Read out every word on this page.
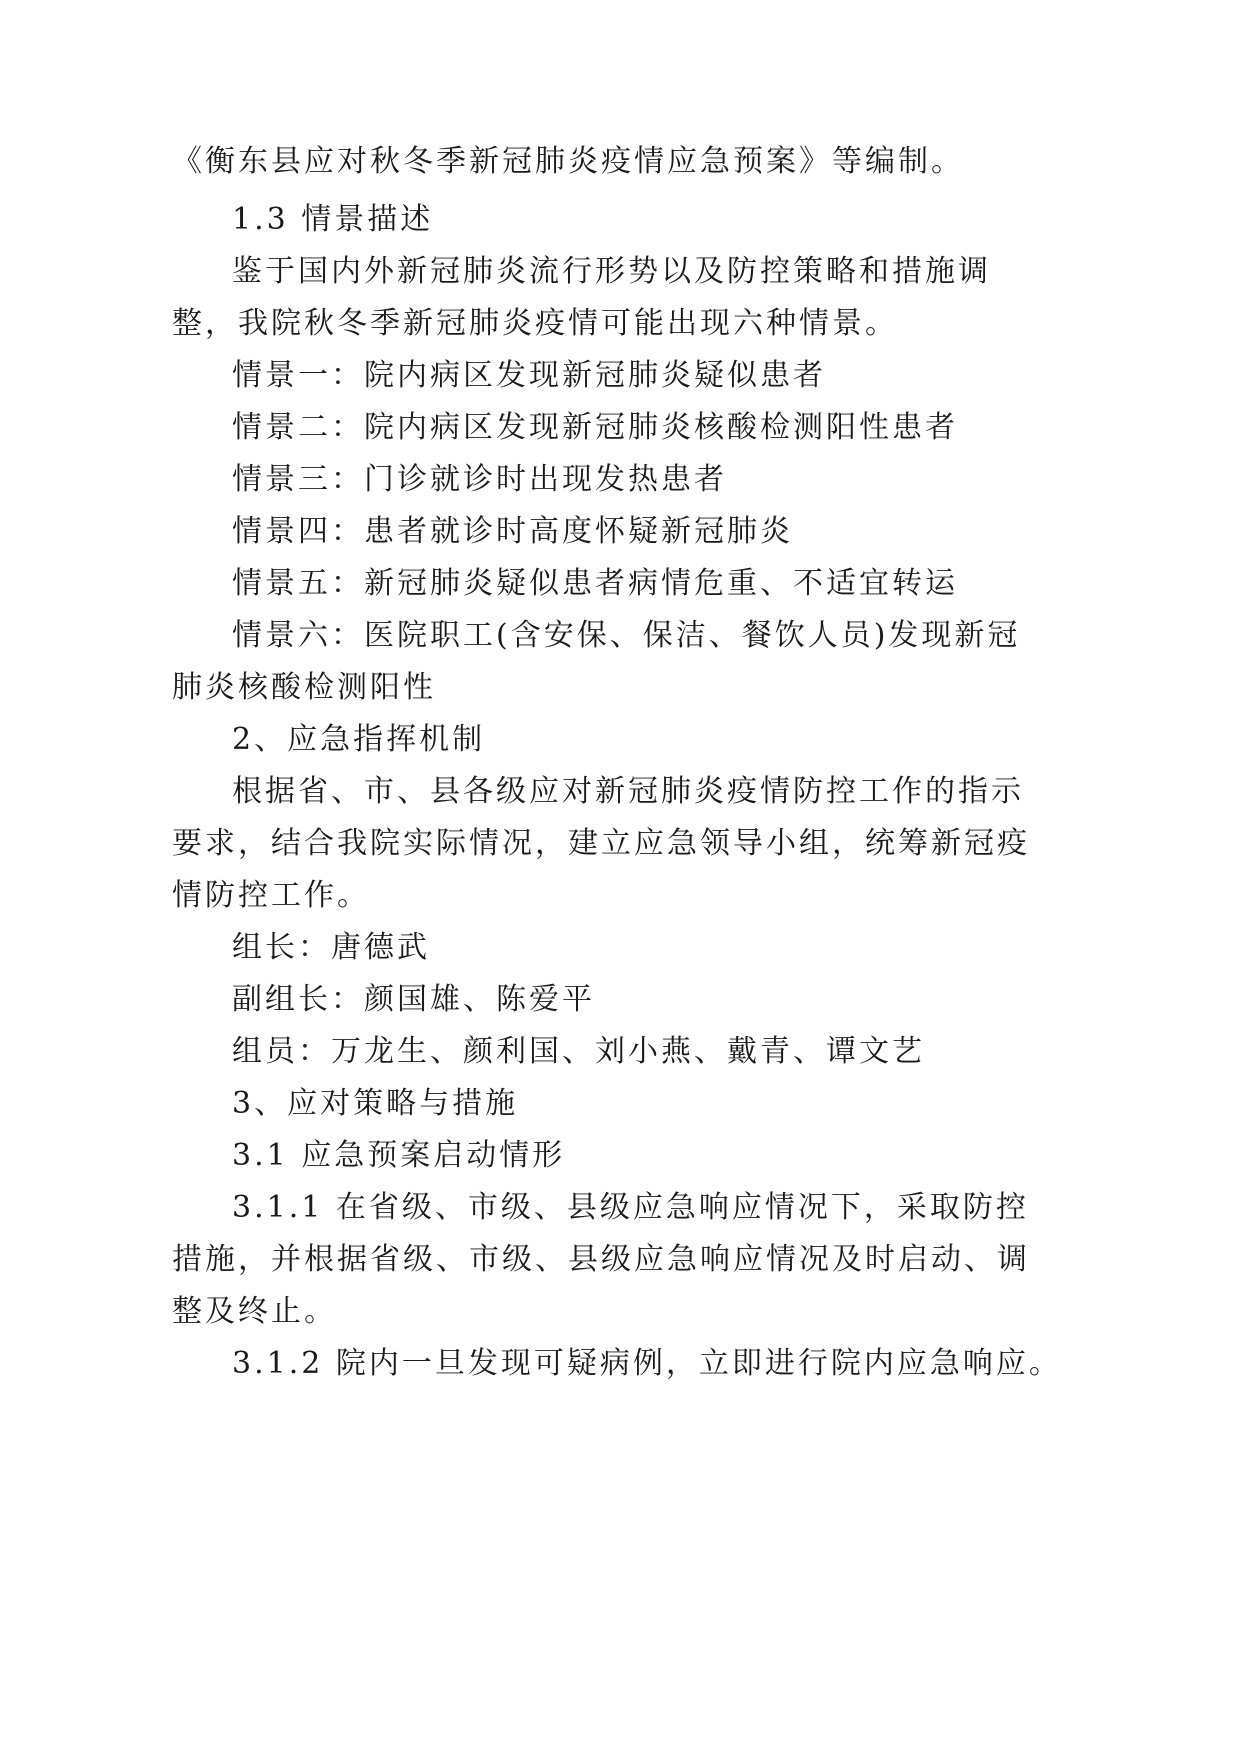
《衡东县应对秋冬季新冠肺炎疫情应急预案》等编制。
1.3 情景描述
鉴于国内外新冠肺炎流行形势以及防控策略和措施调
整，我院秋冬季新冠肺炎疫情可能出现六种情景。
情景一：院内病区发现新冠肺炎疑似患者
情景二：院内病区发现新冠肺炎核酸检测阳性患者
情景三：门诊就诊时出现发热患者
情景四：患者就诊时高度怀疑新冠肺炎
情景五：新冠肺炎疑似患者病情危重、不适宜转运
情景六：医院职工(含安保、保洁、餐饮人员)发现新冠
肺炎核酸检测阳性
2、应急指挥机制
根据省、市、县各级应对新冠肺炎疫情防控工作的指示
要求，结合我院实际情况，建立应急领导小组，统筹新冠疫
情防控工作。
组长：唐德武
副组长：颜国雄、陈爱平
组员：万龙生、颜利国、刘小燕、戴青、谭文艺
3、应对策略与措施
3.1 应急预案启动情形
3.1.1 在省级、市级、县级应急响应情况下，采取防控
措施，并根据省级、市级、县级应急响应情况及时启动、调
整及终止。
3.1.2 院内一旦发现可疑病例，立即进行院内应急响应。
